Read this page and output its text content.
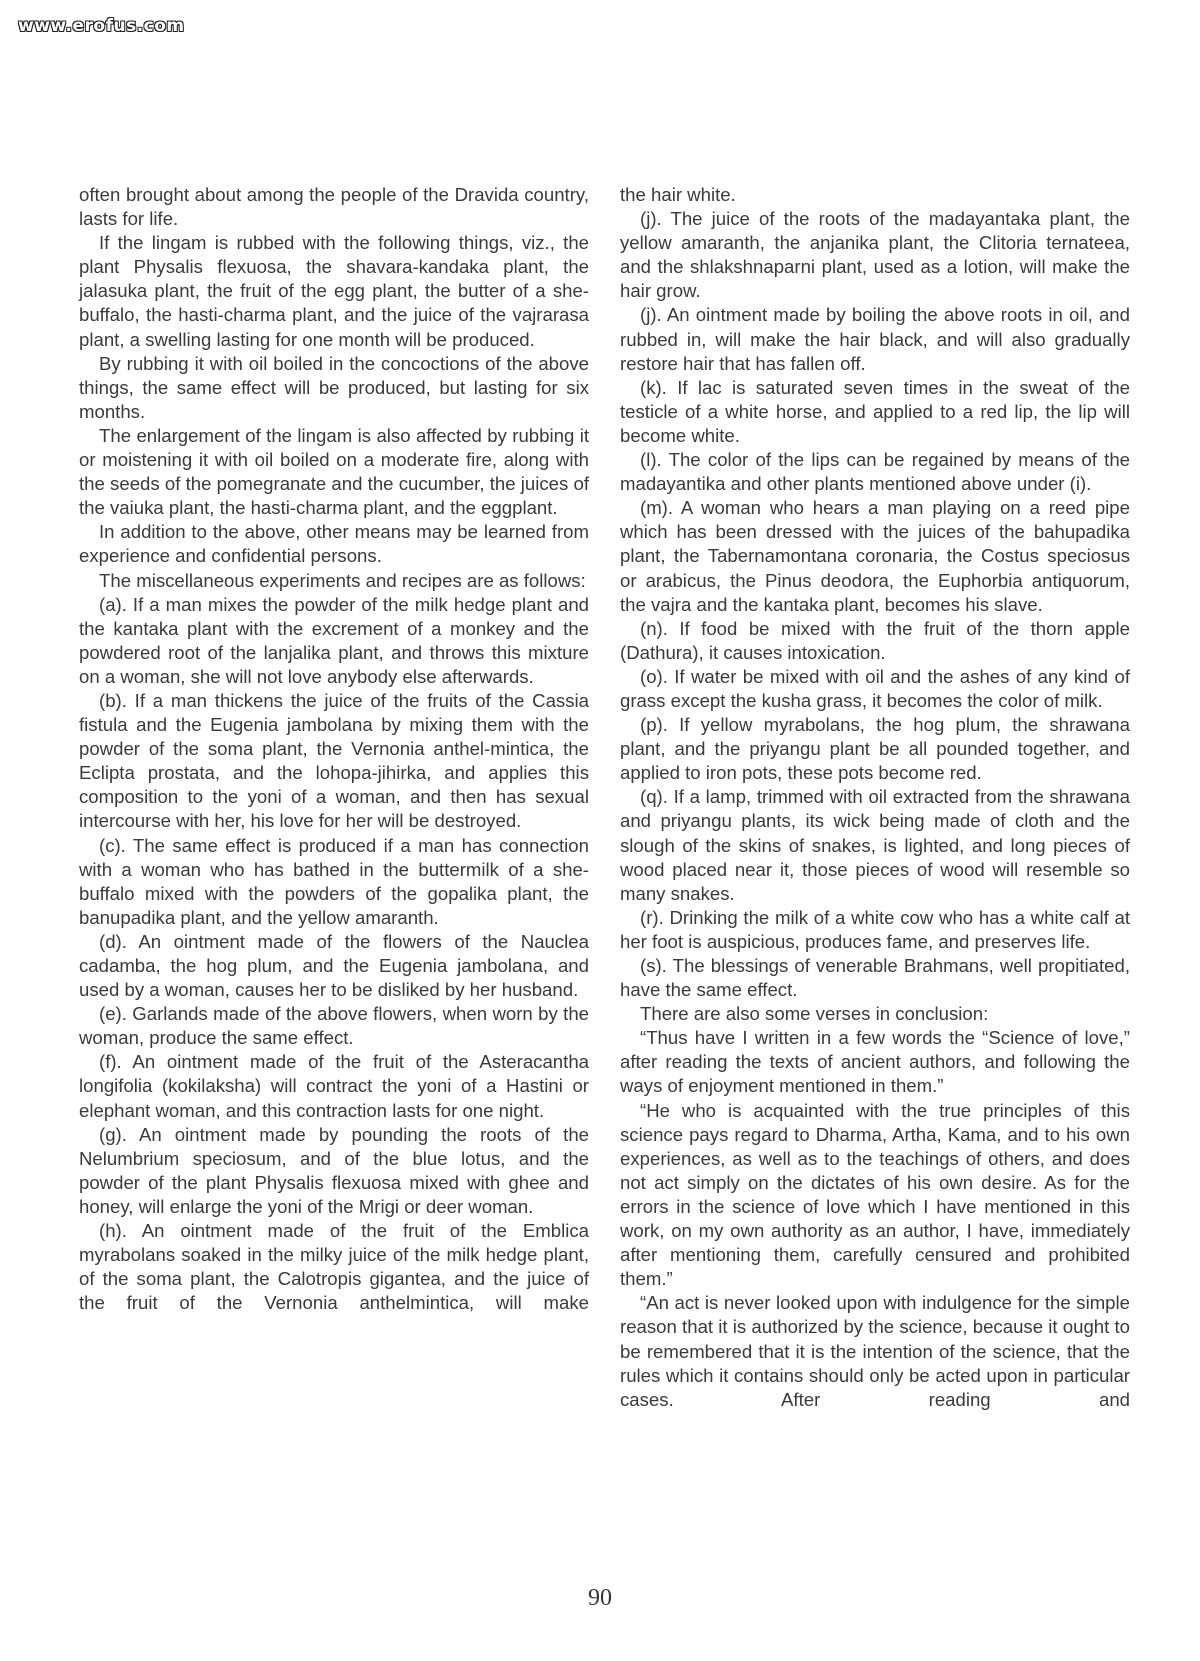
www.erofus.com

often brought about among the people of the Dravida country, lasts for life.

If the lingam is rubbed with the following things, viz., the plant Physalis flexuosa, the shavara-kandaka plant, the jalasuka plant, the fruit of the egg plant, the butter of a she-buffalo, the hasti-charma plant, and the juice of the vajrarasa plant, a swelling lasting for one month will be produced.

By rubbing it with oil boiled in the concoctions of the above things, the same effect will be produced, but lasting for six months.

The enlargement of the lingam is also affected by rubbing it or moistening it with oil boiled on a moderate fire, along with the seeds of the pomegranate and the cucumber, the juices of the vaiuka plant, the hasti-charma plant, and the eggplant.

In addition to the above, other means may be learned from experience and confidential persons.

The miscellaneous experiments and recipes are as follows:

(a). If a man mixes the powder of the milk hedge plant and the kantaka plant with the excrement of a monkey and the powdered root of the lanjalika plant, and throws this mixture on a woman, she will not love anybody else afterwards.

(b). If a man thickens the juice of the fruits of the Cassia fistula and the Eugenia jambolana by mixing them with the powder of the soma plant, the Vernonia anthel-mintica, the Eclipta prostata, and the lohopa-jihirka, and applies this composition to the yoni of a woman, and then has sexual intercourse with her, his love for her will be destroyed.

(c). The same effect is produced if a man has connection with a woman who has bathed in the buttermilk of a she-buffalo mixed with the powders of the gopalika plant, the banupadika plant, and the yellow amaranth.

(d). An ointment made of the flowers of the Nauclea cadamba, the hog plum, and the Eugenia jambolana, and used by a woman, causes her to be disliked by her husband.

(e). Garlands made of the above flowers, when worn by the woman, produce the same effect.

(f). An ointment made of the fruit of the Asteracantha longifolia (kokilaksha) will contract the yoni of a Hastini or elephant woman, and this contraction lasts for one night.

(g). An ointment made by pounding the roots of the Nelumbrium speciosum, and of the blue lotus, and the powder of the plant Physalis flexuosa mixed with ghee and honey, will enlarge the yoni of the Mrigi or deer woman.

(h). An ointment made of the fruit of the Emblica myrabolans soaked in the milky juice of the milk hedge plant, of the soma plant, the Calotropis gigantea, and the juice of the fruit of the Vernonia anthelmintica, will make

the hair white.

(j). The juice of the roots of the madayantaka plant, the yellow amaranth, the anjanika plant, the Clitoria ternateea, and the shlakshnaparni plant, used as a lotion, will make the hair grow.

(j). An ointment made by boiling the above roots in oil, and rubbed in, will make the hair black, and will also gradually restore hair that has fallen off.

(k). If lac is saturated seven times in the sweat of the testicle of a white horse, and applied to a red lip, the lip will become white.

(l). The color of the lips can be regained by means of the madayantika and other plants mentioned above under (i).

(m). A woman who hears a man playing on a reed pipe which has been dressed with the juices of the bahupadika plant, the Tabernamontana coronaria, the Costus speciosus or arabicus, the Pinus deodora, the Euphorbia antiquorum, the vajra and the kantaka plant, becomes his slave.

(n). If food be mixed with the fruit of the thorn apple (Dathura), it causes intoxication.

(o). If water be mixed with oil and the ashes of any kind of grass except the kusha grass, it becomes the color of milk.

(p). If yellow myrabolans, the hog plum, the shrawana plant, and the priyangu plant be all pounded together, and applied to iron pots, these pots become red.

(q). If a lamp, trimmed with oil extracted from the shrawana and priyangu plants, its wick being made of cloth and the slough of the skins of snakes, is lighted, and long pieces of wood placed near it, those pieces of wood will resemble so many snakes.

(r). Drinking the milk of a white cow who has a white calf at her foot is auspicious, produces fame, and preserves life.

(s). The blessings of venerable Brahmans, well propitiated, have the same effect.

There are also some verses in conclusion:

“Thus have I written in a few words the “Science of love,” after reading the texts of ancient authors, and following the ways of enjoyment mentioned in them.”

“He who is acquainted with the true principles of this science pays regard to Dharma, Artha, Kama, and to his own experiences, as well as to the teachings of others, and does not act simply on the dictates of his own desire. As for the errors in the science of love which I have mentioned in this work, on my own authority as an author, I have, immediately after mentioning them, carefully censured and prohibited them.”

“An act is never looked upon with indulgence for the simple reason that it is authorized by the science, because it ought to be remembered that it is the intention of the science, that the rules which it contains should only be acted upon in particular cases. After reading and

90
